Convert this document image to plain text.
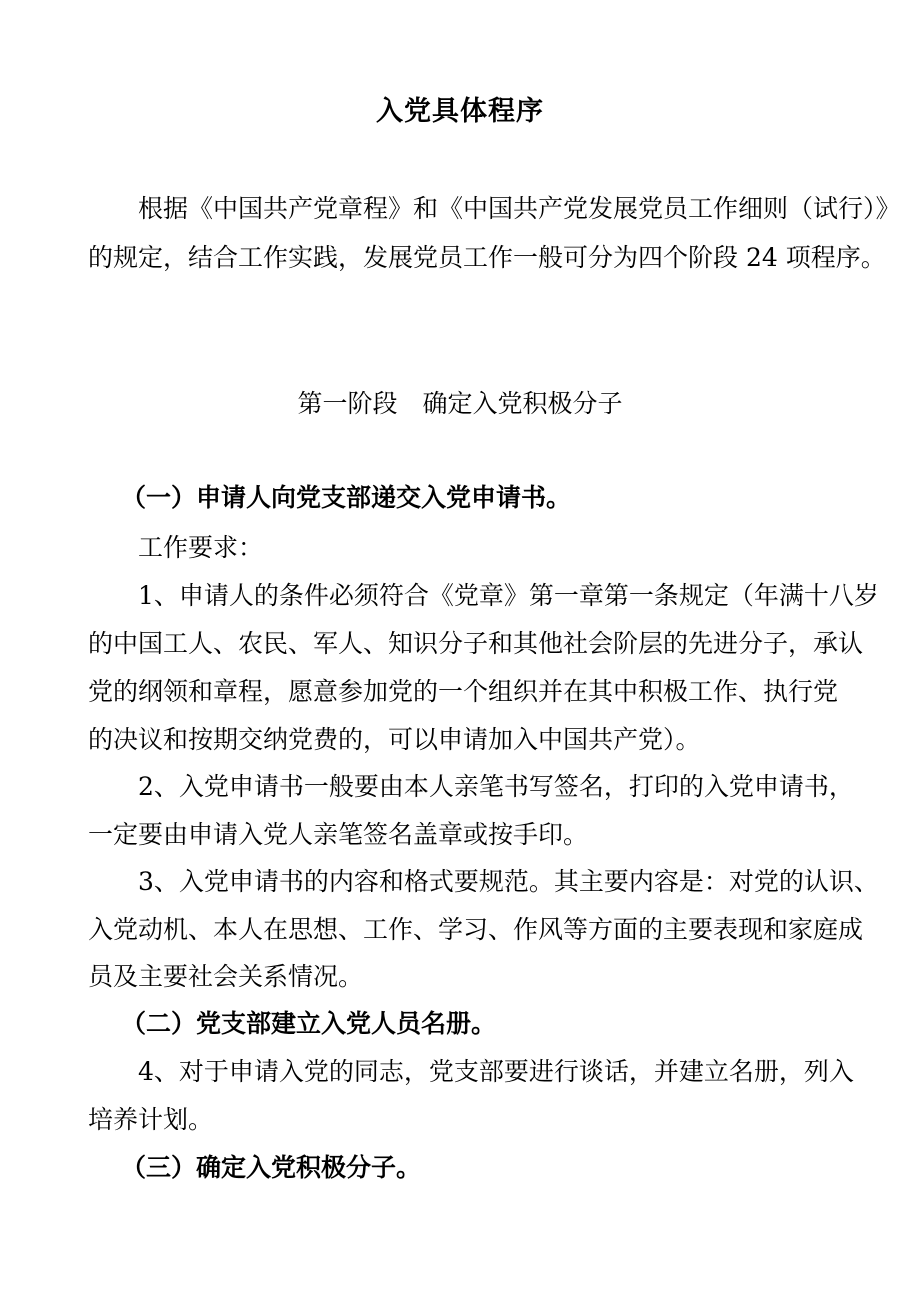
入党具体程序
根据《中国共产党章程》和《中国共产党发展党员工作细则（试行）》
的规定，结合工作实践，发展党员工作一般可分为四个阶段 24 项程序。
第一阶段　确定入党积极分子
（一）申请人向党支部递交入党申请书。
工作要求：
1、申请人的条件必须符合《党章》第一章第一条规定（年满十八岁
的中国工人、农民、军人、知识分子和其他社会阶层的先进分子，承认
党的纲领和章程，愿意参加党的一个组织并在其中积极工作、执行党
的决议和按期交纳党费的，可以申请加入中国共产党）。
2、入党申请书一般要由本人亲笔书写签名，打印的入党申请书，
一定要由申请入党人亲笔签名盖章或按手印。
3、入党申请书的内容和格式要规范。其主要内容是：对党的认识、
入党动机、本人在思想、工作、学习、作风等方面的主要表现和家庭成
员及主要社会关系情况。
（二）党支部建立入党人员名册。
4、对于申请入党的同志，党支部要进行谈话，并建立名册，列入
培养计划。
（三）确定入党积极分子。
